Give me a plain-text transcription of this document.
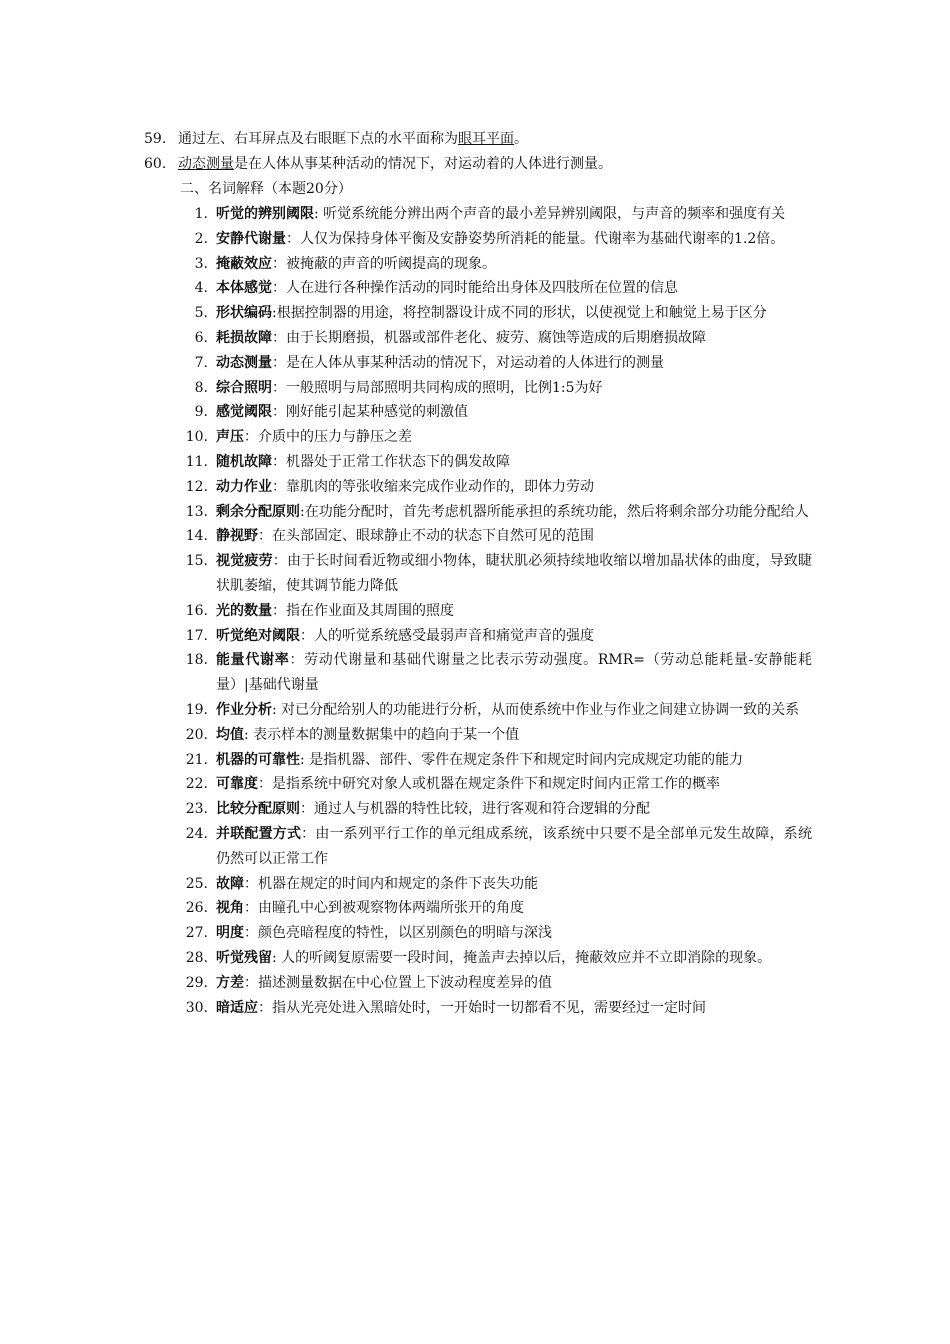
59. 通过左、右耳屏点及右眼眶下点的水平面称为眼耳平面。
60. 动态测量是在人体从事某种活动的情况下，对运动着的人体进行测量。
二、名词解释（本题20分）
1. 听觉的辨别阈限: 听觉系统能分辨出两个声音的最小差异辨别阈限，与声音的频率和强度有关
2. 安静代谢量：人仅为保持身体平衡及安静姿势所消耗的能量。代谢率为基础代谢率的1.2倍。
3. 掩蔽效应：被掩蔽的声音的听阈提高的现象。
4. 本体感觉：人在进行各种操作活动的同时能给出身体及四肢所在位置的信息
5. 形状编码:根据控制器的用途，将控制器设计成不同的形状，以使视觉上和触觉上易于区分
6. 耗损故障：由于长期磨损，机器或部件老化、疲劳、腐蚀等造成的后期磨损故障
7. 动态测量：是在人体从事某种活动的情况下，对运动着的人体进行的测量
8. 综合照明：一般照明与局部照明共同构成的照明，比例1:5为好
9. 感觉阈限：刚好能引起某种感觉的刺激值
10. 声压：介质中的压力与静压之差
11. 随机故障：机器处于正常工作状态下的偶发故障
12. 动力作业：靠肌肉的等张收缩来完成作业动作的，即体力劳动
13. 剩余分配原则:在功能分配时，首先考虑机器所能承担的系统功能，然后将剩余部分功能分配给人
14. 静视野：在头部固定、眼球静止不动的状态下自然可见的范围
15. 视觉疲劳：由于长时间看近物或细小物体，睫状肌必须持续地收缩以增加晶状体的曲度，导致睫状肌萎缩，使其调节能力降低
16. 光的数量：指在作业面及其周围的照度
17. 听觉绝对阈限：人的听觉系统感受最弱声音和痛觉声音的强度
18. 能量代谢率：劳动代谢量和基础代谢量之比表示劳动强度。RMR=（劳动总能耗量-安静能耗量）|基础代谢量
19. 作业分析: 对已分配给别人的功能进行分析，从而使系统中作业与作业之间建立协调一致的关系
20. 均值: 表示样本的测量数据集中的趋向于某一个值
21. 机器的可靠性: 是指机器、部件、零件在规定条件下和规定时间内完成规定功能的能力
22. 可靠度：是指系统中研究对象人或机器在规定条件下和规定时间内正常工作的概率
23. 比较分配原则：通过人与机器的特性比较，进行客观和符合逻辑的分配
24. 并联配置方式：由一系列平行工作的单元组成系统，该系统中只要不是全部单元发生故障，系统仍然可以正常工作
25. 故障：机器在规定的时间内和规定的条件下丧失功能
26. 视角：由瞳孔中心到被观察物体两端所张开的角度
27. 明度：颜色亮暗程度的特性，以区别颜色的明暗与深浅
28. 听觉残留: 人的听阈复原需要一段时间，掩盖声去掉以后，掩蔽效应并不立即消除的现象。
29. 方差：描述测量数据在中心位置上下波动程度差异的值
30. 暗适应：指从光亮处进入黑暗处时，一开始时一切都看不见，需要经过一定时间
